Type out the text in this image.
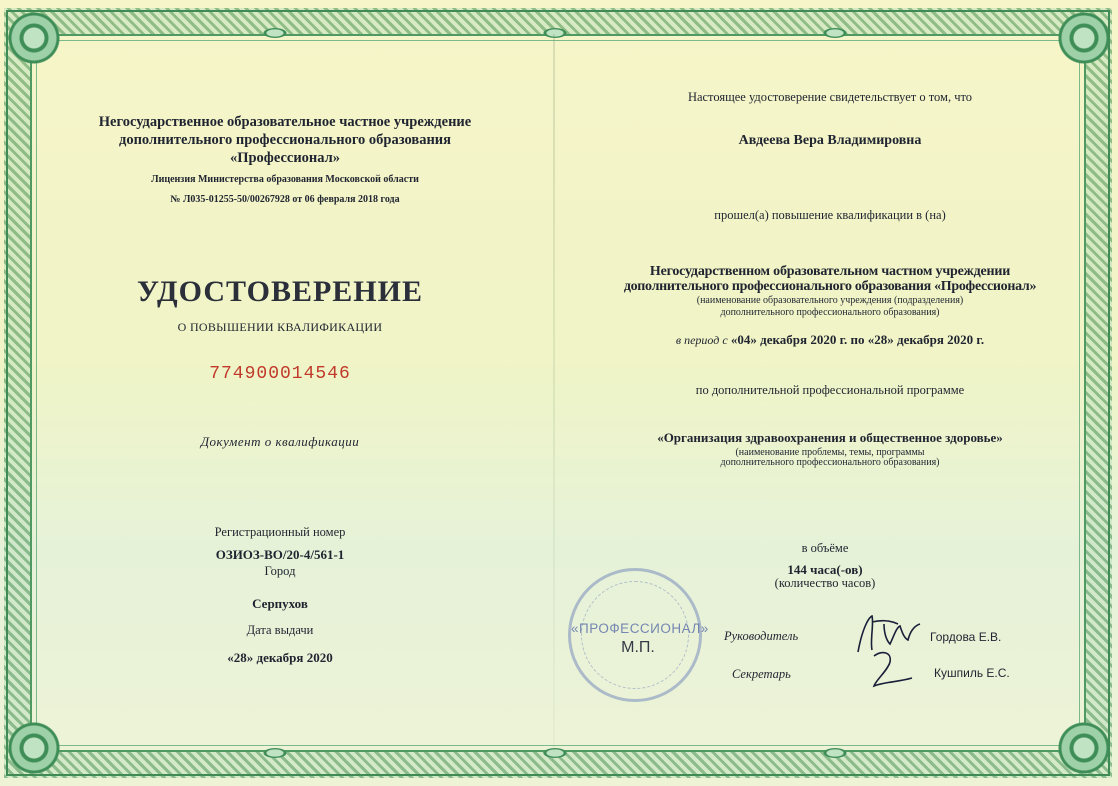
Негосударственное образовательное частное учреждение
дополнительного профессионального образования
«Профессионал»
Лицензия Министерства образования Московской области
№ Л035-01255-50/00267928 от 06 февраля 2018 года
УДОСТОВЕРЕНИЕ
О ПОВЫШЕНИИ КВАЛИФИКАЦИИ
774900014546
Документ о квалификации
Регистрационный номер
ОЗИОЗ-ВО/20-4/561-1
Город
Серпухов
Дата выдачи
«28» декабря 2020
Настоящее удостоверение свидетельствует о том, что
Авдеева Вера Владимировна
прошел(а) повышение квалификации в (на)
Негосударственном образовательном частном учреждении
дополнительного профессионального образования «Профессионал»
(наименование образовательного учреждения (подразделения)
дополнительного профессионального образования)
в период с «04» декабря 2020 г. по «28» декабря 2020 г.
по дополнительной профессиональной программе
«Организация здравоохранения и общественное здоровье»
(наименование проблемы, темы, программы
дополнительного профессионального образования)
в объёме
144 часа(-ов)
(количество часов)
«ПРОФЕССИОНАЛ»
М.П.
Руководитель	Гордова Е.В.
Секретарь	Кушпиль Е.С.
